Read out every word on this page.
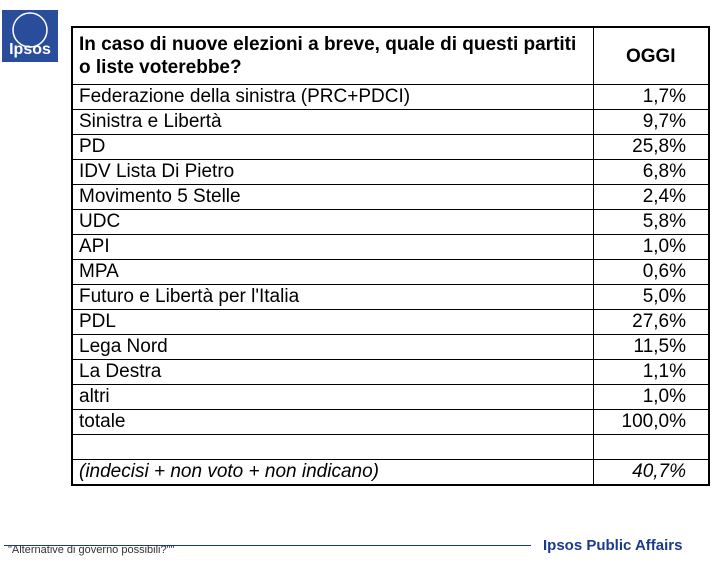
Ipsos In caso di nuove elezioni a breve, quale di questi partiti o liste voterebbe?	OGGI
Federazione della sinistra (PRC+PDCI)	1,7%
Sinistra e Libertà	9,7%
PD	25,8%
IDV Lista Di Pietro	6,8%
Movimento 5 Stelle	2,4%
UDC	5,8%
API	1,0%
MPA	0,6%
Futuro e Libertà per l'Italia	5,0%
PDL	27,6%
Lega Nord	11,5%
La Destra	1,1%
altri	1,0%
totale	100,0%

(indecisi + non voto + non indicano)	40,7%
"Alternative di governo possibili?""	Ipsos Public Affairs
